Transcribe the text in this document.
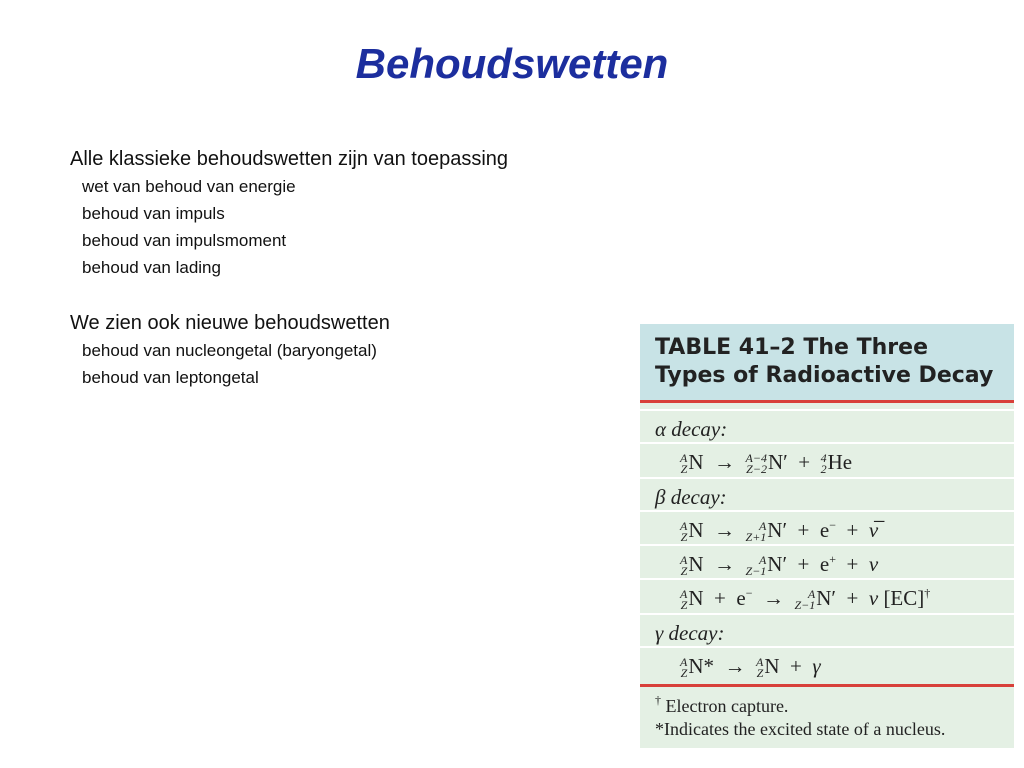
Behoudswetten
Alle klassieke behoudswetten zijn van toepassing
wet van behoud van energie
behoud van impuls
behoud van impulsmoment
behoud van lading
We zien ook nieuwe behoudswetten
behoud van nucleongetal (baryongetal)
behoud van leptongetal
TABLE 41–2 The Three
Types of Radioactive Decay
α decay:
A
Z N  → A−4
Z−2 N′  + 4
2 He
β decay:
A
Z N  →	A
Z+1 N′  +  e−  +  ν̅
A
Z N  →	A
Z−1 N′  +  e+  +  ν
A
Z N  +  e−  →	A
Z−1 N′  +  ν [EC]†
γ decay:
A
Z N*  → A
Z N  +  γ
† Electron capture.
*Indicates the excited state of a nucleus.
